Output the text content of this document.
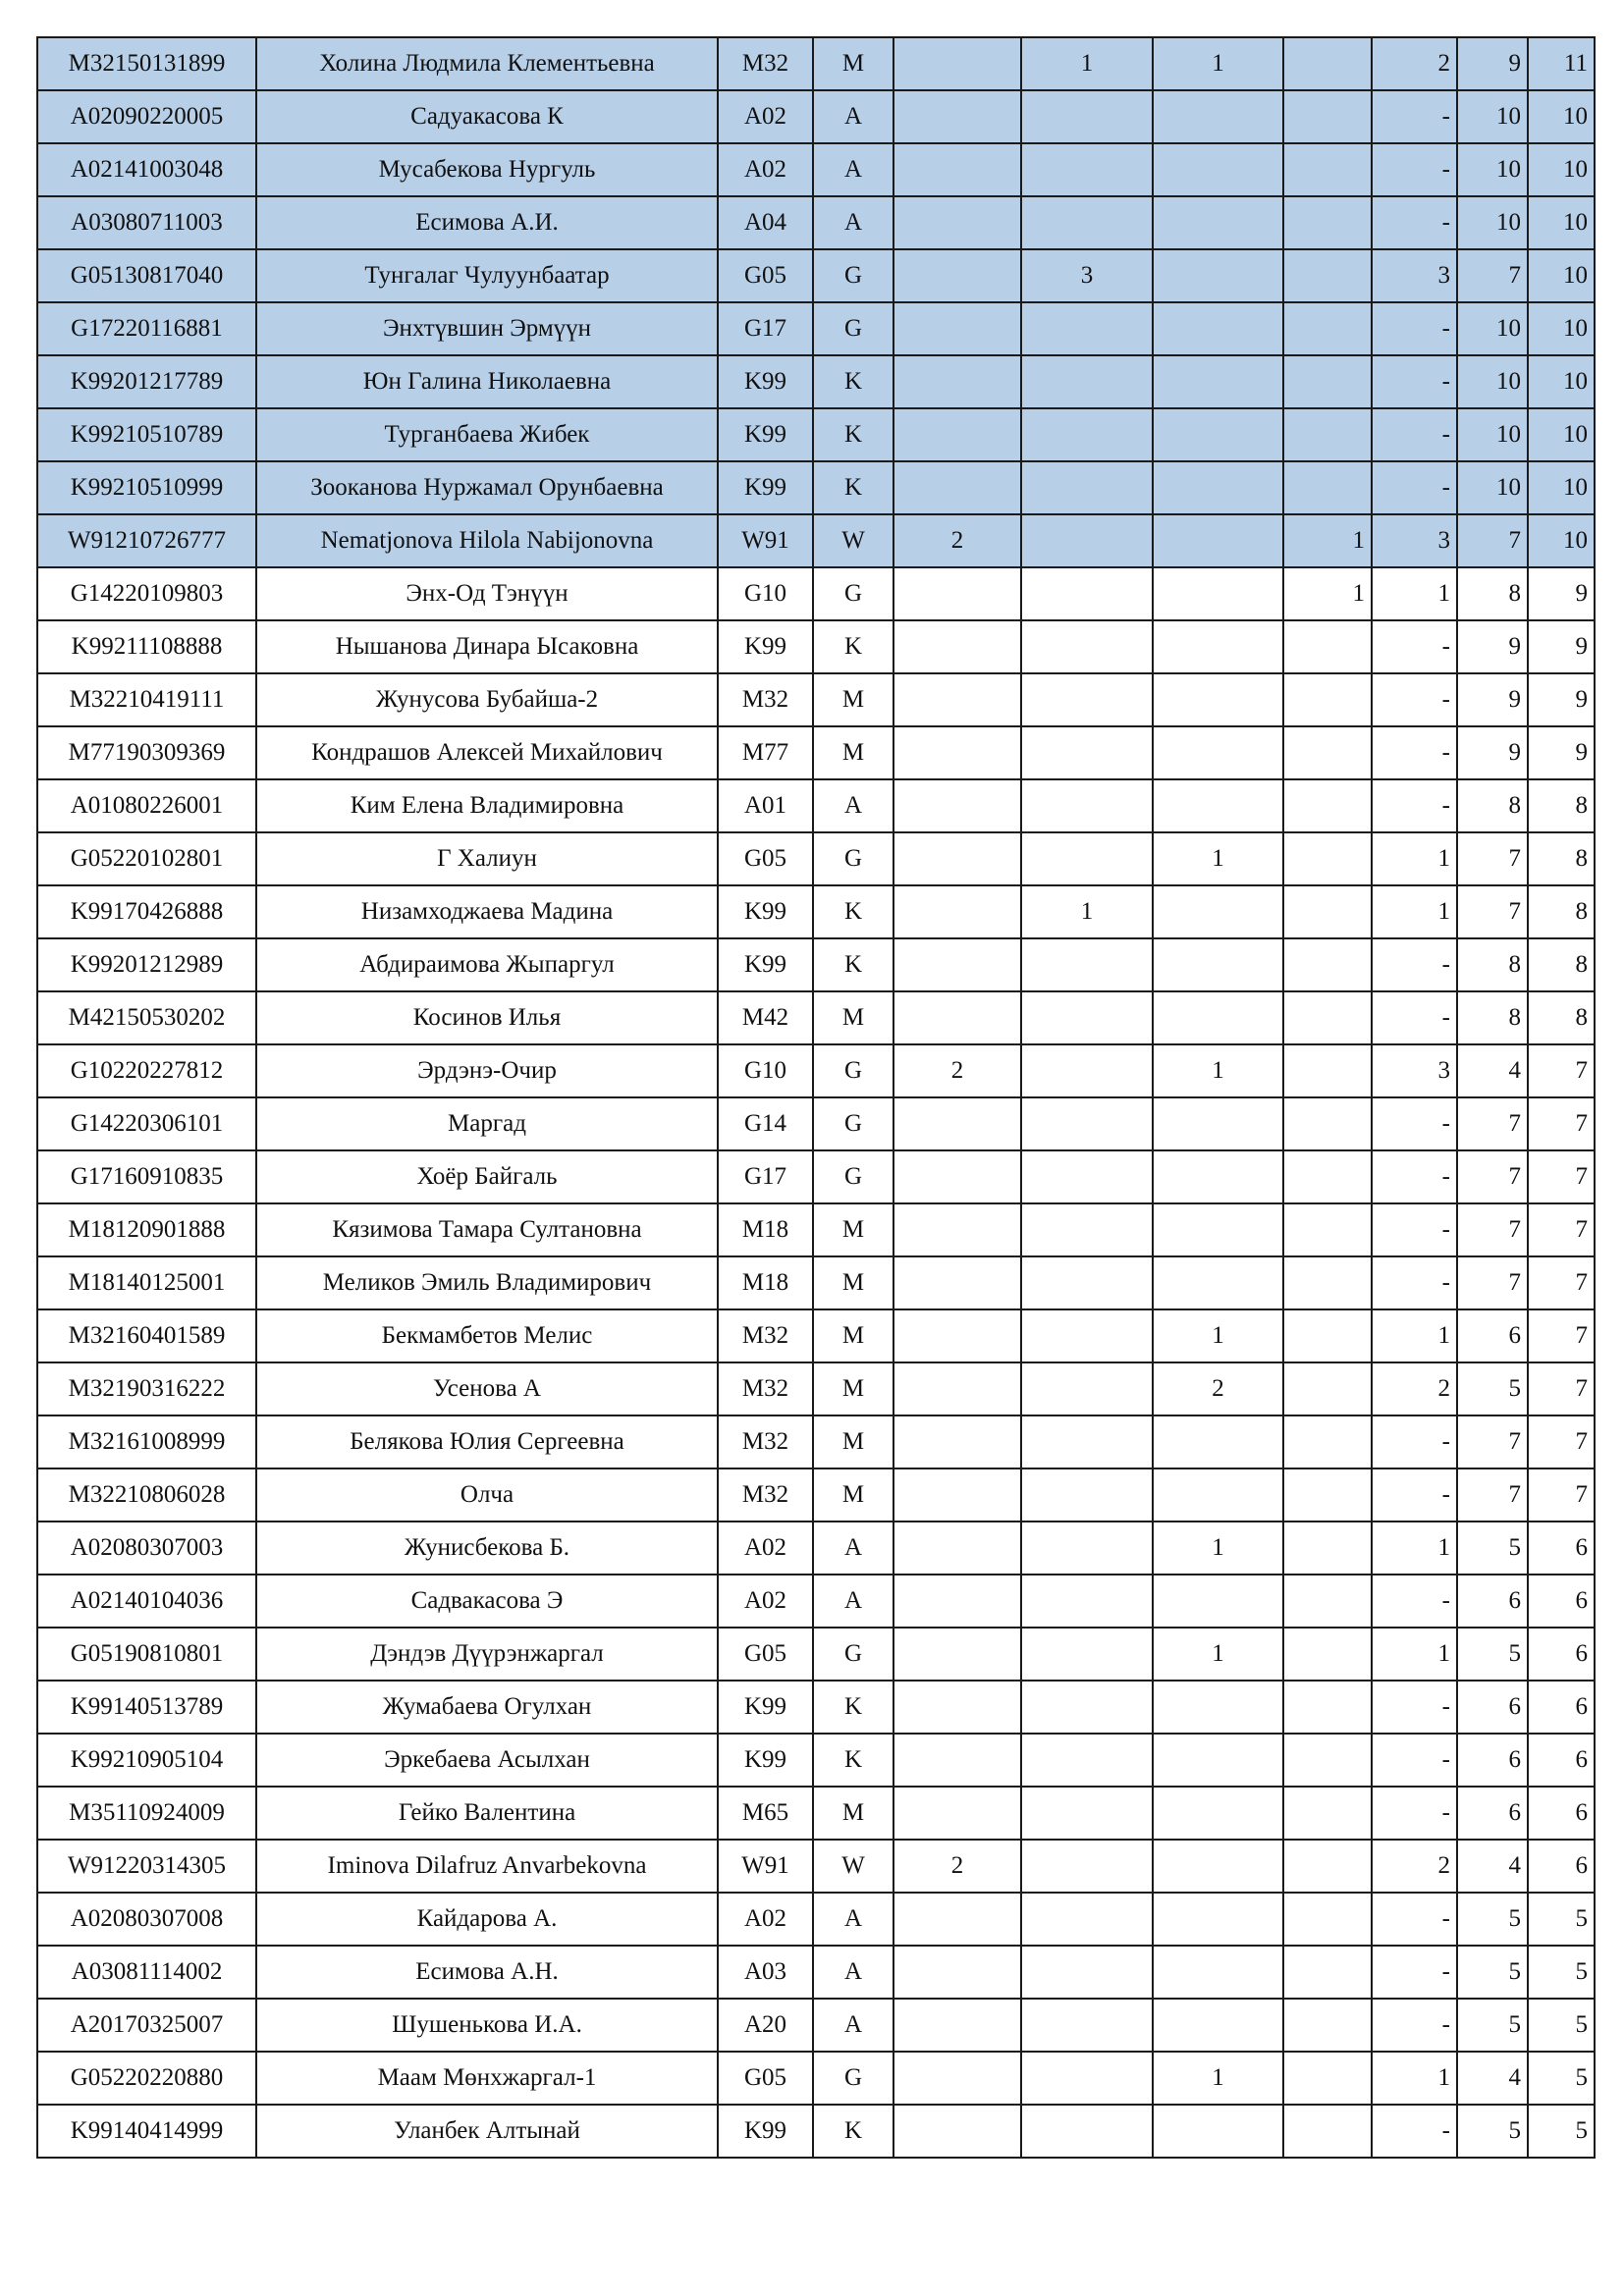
M32150131899	Холина Людмила Клементьевна	M32	M		1	1		2	9	11
A02090220005	Садуакасова К	A02	A					-	10	10
A02141003048	Мусабекова Нургуль	A02	A					-	10	10
A03080711003	Есимова А.И.	A04	A					-	10	10
G05130817040	Тунгалаг Чулуунбаатар	G05	G		3			3	7	10
G17220116881	Энхтүвшин Эрмүүн	G17	G					-	10	10
K99201217789	Юн Галина Николаевна	K99	K					-	10	10
K99210510789	Турганбаева Жибек	K99	K					-	10	10
K99210510999	Зооканова Нуржамал Орунбаевна	K99	K					-	10	10
W91210726777	Nematjonova Hilola Nabijonovna	W91	W	2			1	3	7	10
G14220109803	Энх-Од Тэнүүн	G10	G				1	1	8	9
K99211108888	Нышанова Динара Ысаковна	K99	K					-	9	9
M32210419111	Жунусова Бубайша-2	M32	M					-	9	9
M77190309369	Кондрашов Алексей Михайлович	M77	M					-	9	9
A01080226001	Ким Елена Владимировна	A01	A					-	8	8
G05220102801	Г Халиун	G05	G			1		1	7	8
K99170426888	Низамходжаева Мадина	K99	K		1			1	7	8
K99201212989	Абдираимова Жыпаргул	K99	K					-	8	8
M42150530202	Косинов Илья	M42	M					-	8	8
G10220227812	Эрдэнэ-Очир	G10	G	2		1		3	4	7
G14220306101	Маргад	G14	G					-	7	7
G17160910835	Хоёр Байгаль	G17	G					-	7	7
M18120901888	Кязимова Тамара Султановна	M18	M					-	7	7
M18140125001	Меликов Эмиль Владимирович	M18	M					-	7	7
M32160401589	Бекмамбетов Мелис	M32	M			1		1	6	7
M32190316222	Усенова А	M32	M			2		2	5	7
M32161008999	Белякова Юлия Сергеевна	M32	M					-	7	7
M32210806028	Олча	M32	M					-	7	7
A02080307003	Жунисбекова Б.	A02	A			1		1	5	6
A02140104036	Садвакасова Э	A02	A					-	6	6
G05190810801	Дэндэв Дүүрэнжаргал	G05	G			1		1	5	6
K99140513789	Жумабаева Огулхан	K99	K					-	6	6
K99210905104	Эркебаева Асылхан	K99	K					-	6	6
M35110924009	Гейко Валентина	M65	M					-	6	6
W91220314305	Iminova Dilafruz Anvarbekovna	W91	W	2				2	4	6
A02080307008	Кайдарова А.	A02	A					-	5	5
A03081114002	Есимова А.Н.	A03	A					-	5	5
A20170325007	Шушенькова И.А.	A20	A					-	5	5
G05220220880	Маам Мөнхжаргал-1	G05	G			1		1	4	5
K99140414999	Уланбек Алтынай	K99	K					-	5	5
